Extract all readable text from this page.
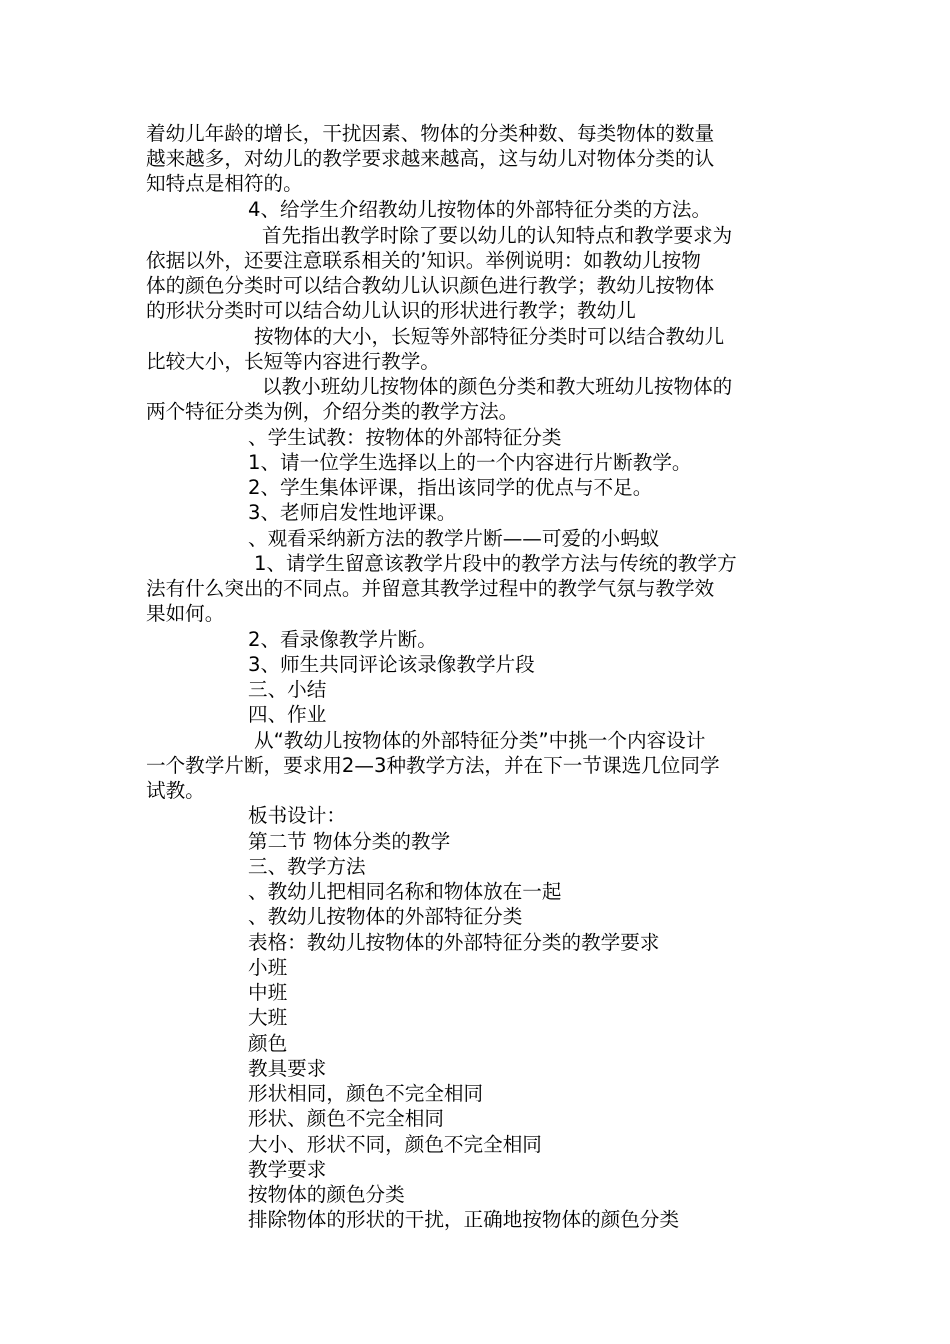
着幼儿年龄的增长，干扰因素、物体的分类种数、每类物体的数量
越来越多，对幼儿的教学要求越来越高，这与幼儿对物体分类的认
知特点是相符的。
4、给学生介绍教幼儿按物体的外部特征分类的方法。
首先指出教学时除了要以幼儿的认知特点和教学要求为
依据以外，还要注意联系相关的’知识。举例说明：如教幼儿按物
体的颜色分类时可以结合教幼儿认识颜色进行教学；教幼儿按物体
的形状分类时可以结合幼儿认识的形状进行教学；教幼儿
按物体的大小，长短等外部特征分类时可以结合教幼儿
比较大小，长短等内容进行教学。
以教小班幼儿按物体的颜色分类和教大班幼儿按物体的
两个特征分类为例，介绍分类的教学方法。
、学生试教：按物体的外部特征分类
1、请一位学生选择以上的一个内容进行片断教学。
2、学生集体评课，指出该同学的优点与不足。
3、老师启发性地评课。
、观看采纳新方法的教学片断——可爱的小蚂蚁
1、请学生留意该教学片段中的教学方法与传统的教学方
法有什么突出的不同点。并留意其教学过程中的教学气氛与教学效
果如何。
2、看录像教学片断。
3、师生共同评论该录像教学片段
三、小结
四、作业
从“教幼儿按物体的外部特征分类”中挑一个内容设计
一个教学片断，要求用2—3种教学方法，并在下一节课选几位同学
试教。
板书设计：
第二节 物体分类的教学
三、教学方法
、教幼儿把相同名称和物体放在一起
、教幼儿按物体的外部特征分类
表格：教幼儿按物体的外部特征分类的教学要求
小班
中班
大班
颜色
教具要求
形状相同，颜色不完全相同
形状、颜色不完全相同
大小、形状不同，颜色不完全相同
教学要求
按物体的颜色分类
排除物体的形状的干扰，正确地按物体的颜色分类
